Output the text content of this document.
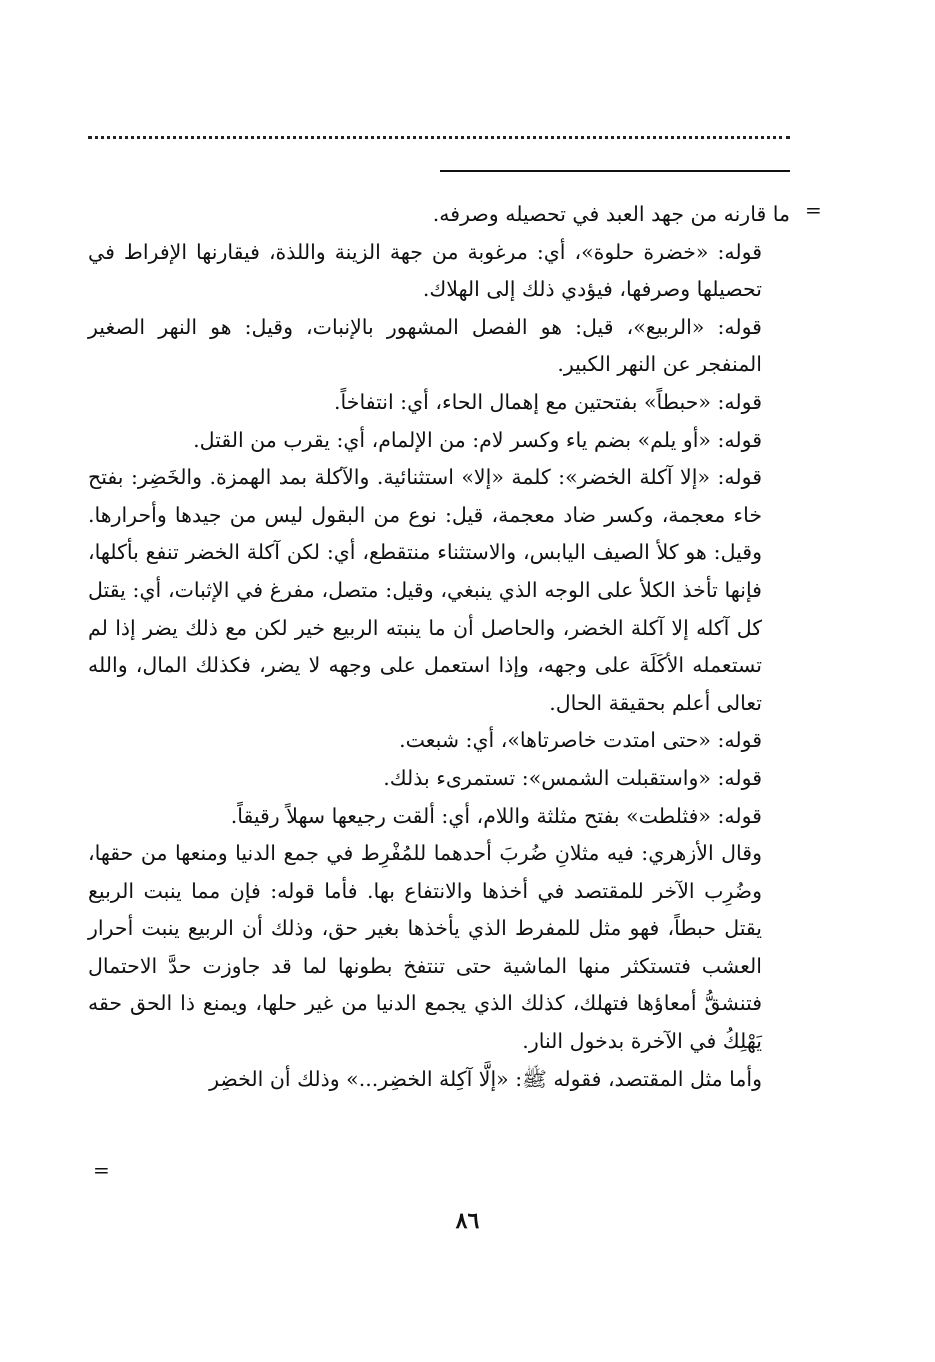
=

ما قارنه من جهد العبد في تحصيله وصرفه.

قوله: «خضرة حلوة»، أي: مرغوبة من جهة الزينة واللذة، فيقارنها الإفراط في تحصيلها وصرفها، فيؤدي ذلك إلى الهلاك.

قوله: «الربيع»، قيل: هو الفصل المشهور بالإنبات، وقيل: هو النهر الصغير المنفجر عن النهر الكبير.

قوله: «حبطاً» بفتحتين مع إهمال الحاء، أي: انتفاخاً.

قوله: «أو يلم» بضم ياء وكسر لام: من الإلمام، أي: يقرب من القتل.

قوله: «إلا آكلة الخضر»: كلمة «إلا» استثنائية. والآكلة بمد الهمزة. والخَضِر: بفتح خاء معجمة، وكسر ضاد معجمة، قيل: نوع من البقول ليس من جيدها وأحرارها. وقيل: هو كلأ الصيف اليابس، والاستثناء منتقطع، أي: لكن آكلة الخضر تنفع بأكلها، فإنها تأخذ الكلأ على الوجه الذي ينبغي، وقيل: متصل، مفرغ في الإثبات، أي: يقتل كل آكله إلا آكلة الخضر، والحاصل أن ما ينبته الربيع خير لكن مع ذلك يضر إذا لم تستعمله الأكَلَة على وجهه، وإذا استعمل على وجهه لا يضر، فكذلك المال، والله تعالى أعلم بحقيقة الحال.

قوله: «حتى امتدت خاصرتاها»، أي: شبعت.

قوله: «واستقبلت الشمس»: تستمرىء بذلك.

قوله: «فثلطت» بفتح مثلثة واللام، أي: ألقت رجيعها سهلاً رقيقاً.

وقال الأزهري: فيه مثلانِ ضُربَ أحدهما للمُفْرِط في جمع الدنيا ومنعها من حقها، وضُرِب الآخر للمقتصد في أخذها والانتفاع بها. فأما قوله: فإن مما ينبت الربيع يقتل حبطاً، فهو مثل للمفرط الذي يأخذها بغير حق، وذلك أن الربيع ينبت أحرار العشب فتستكثر منها الماشية حتى تنتفخ بطونها لما قد جاوزت حدَّ الاحتمال فتنشقُّ أمعاؤها فتهلك، كذلك الذي يجمع الدنيا من غير حلها، ويمنع ذا الحق حقه يَهْلِكُ في الآخرة بدخول النار.

وأما مثل المقتصد، فقوله ﷺ: «إلَّا آكِلة الخضِر...» وذلك أن الخضِر

=
٨٦
